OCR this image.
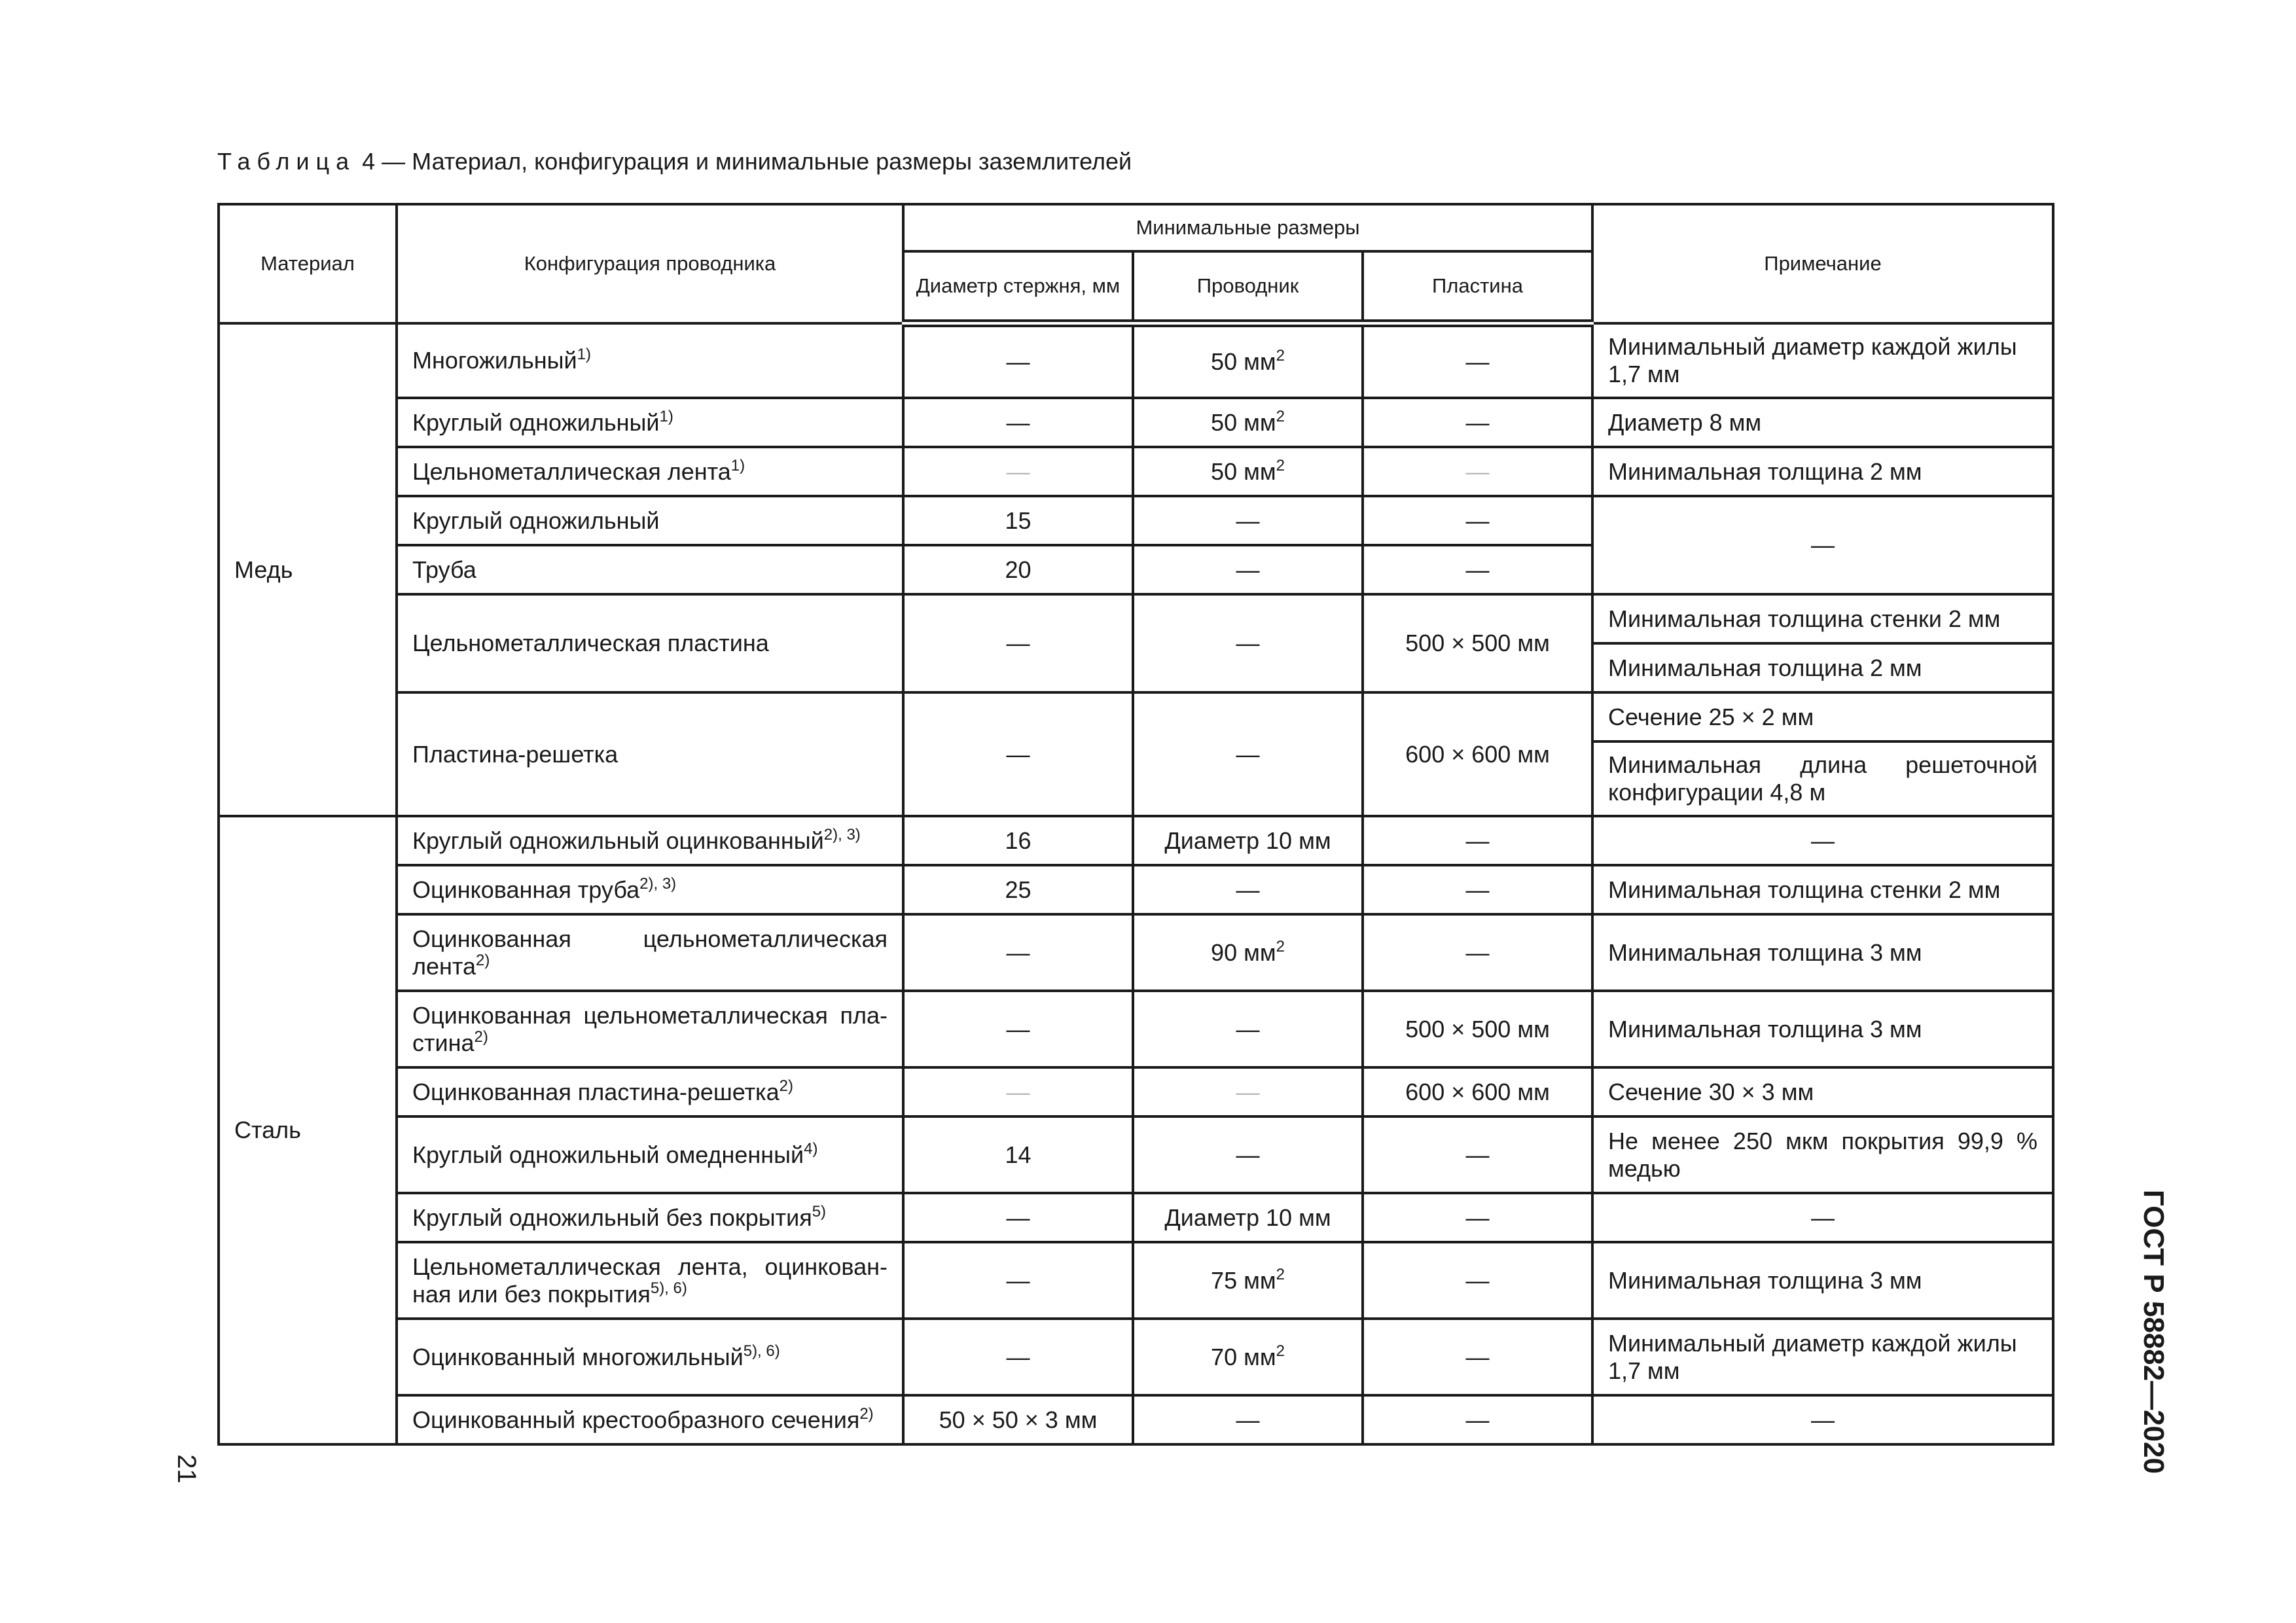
Таблица 4 — Материал, конфигурация и минимальные размеры заземлителей
Материал	Конфигурация проводника	Минимальные размеры			Примечание
		Диаметр стержня, мм	Проводник	Пластина	
Медь	Многожильный$^{1)}$	—	50 $мм^2$	—	Минимальный диаметр каждой жилы 1,7 мм
	Круглый одножильный$^{1)}$	—	50 $мм^2$	—	Диаметр 8 мм
	Цельнометаллическая лента$^{1)}$	—	50 $мм^2$	—	Минимальная толщина 2 мм
	Круглый одножильный	15	—	—	—
	Труба	20	—	—	
	Цельнометаллическая пластина	—	—	500 × 500 мм	Минимальная толщина стенки 2 мм
					Минимальная толщина 2 мм
	Пластина-решетка	—	—	600 × 600 мм	Сечение 25 × 2 мм
					Минимальная длина решеточной конфигурации 4,8 м
Сталь	Круглый одножильный оцинкованный$^{2), 3)}$	16	Диаметр 10 мм	—	—
	Оцинкованная труба$^{2), 3)}$	25	—	—	Минимальная толщина стенки 2 мм
	Оцинкованная цельнометаллическая лента$^{2)}$	—	90 $мм^2$	—	Минимальная толщина 3 мм
	Оцинкованная цельнометаллическая пластина$^{2)}$	—	—	500 × 500 мм	Минимальная толщина 3 мм
	Оцинкованная пластина-решетка$^{2)}$	—	—	600 × 600 мм	Сечение 30 × 3 мм
	Круглый одножильный омедненный$^{4)}$	14	—	—	Не менее 250 мкм покрытия 99,9 % медью
	Круглый одножильный без покрытия$^{5)}$	—	Диаметр 10 мм	—	—
	Цельнометаллическая лента, оцинкованная или без покрытия$^{5), 6)}$	—	75 $мм^2$	—	Минимальная толщина 3 мм
	Оцинкованный многожильный$^{5), 6)}$	—	70 $мм^2$	—	Минимальный диаметр каждой жилы 1,7 мм
	Оцинкованный крестообразного сечения$^{2)}$	50 × 50 × 3 мм	—	—	—
21	ГОСТ Р 58882—2020
